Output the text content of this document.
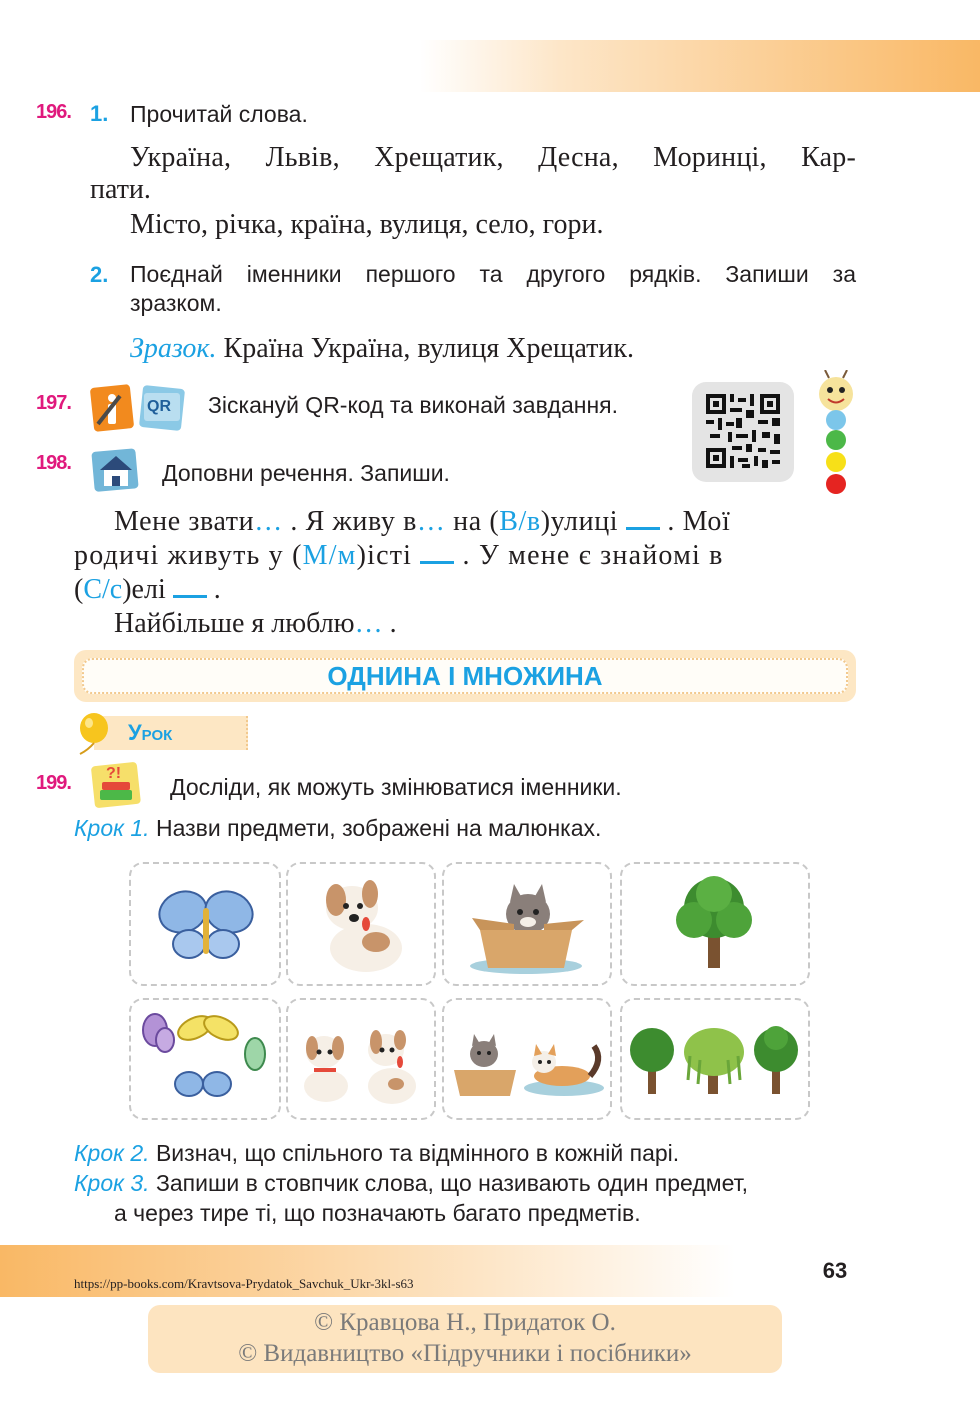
196. 1. Прочитай слова.
Україна, Львів, Хрещатик, Десна, Моринці, Кар-
пати.
Місто, річка, країна, вулиця, село, гори.
2. Поєднай іменники першого та другого рядків. Запиши за
зразком.
Зразок. Країна Україна, вулиця Хрещатик.
197.	QR Зіскануй QR-код та виконай завдання.
198.	Доповни речення. Запиши.
Мене звати… . Я живу в… на (В/в)улиці  . Мої
родичі живуть у (М/м)істі  . У мене є знайомі в
(С/с)елі  .
Найбільше я люблю… .
ОДНИНА І МНОЖИНА
Урок
199. ?!
Досліди, як можуть змінюватися іменники.
Крок 1. Назви предмети, зображені на малюнках.
Крок 2. Визнач, що спільного та відмінного в кожній парі.
Крок 3. Запиши в стовпчик слова, що називають один предмет,
а через тире ті, що позначають багато предметів.
https://pp-books.com/Kravtsova-Prydatok_Savchuk_Ukr-3kl-s63
63
© Кравцова Н., Придаток О.
© Видавництво «Підручники і посібники»
